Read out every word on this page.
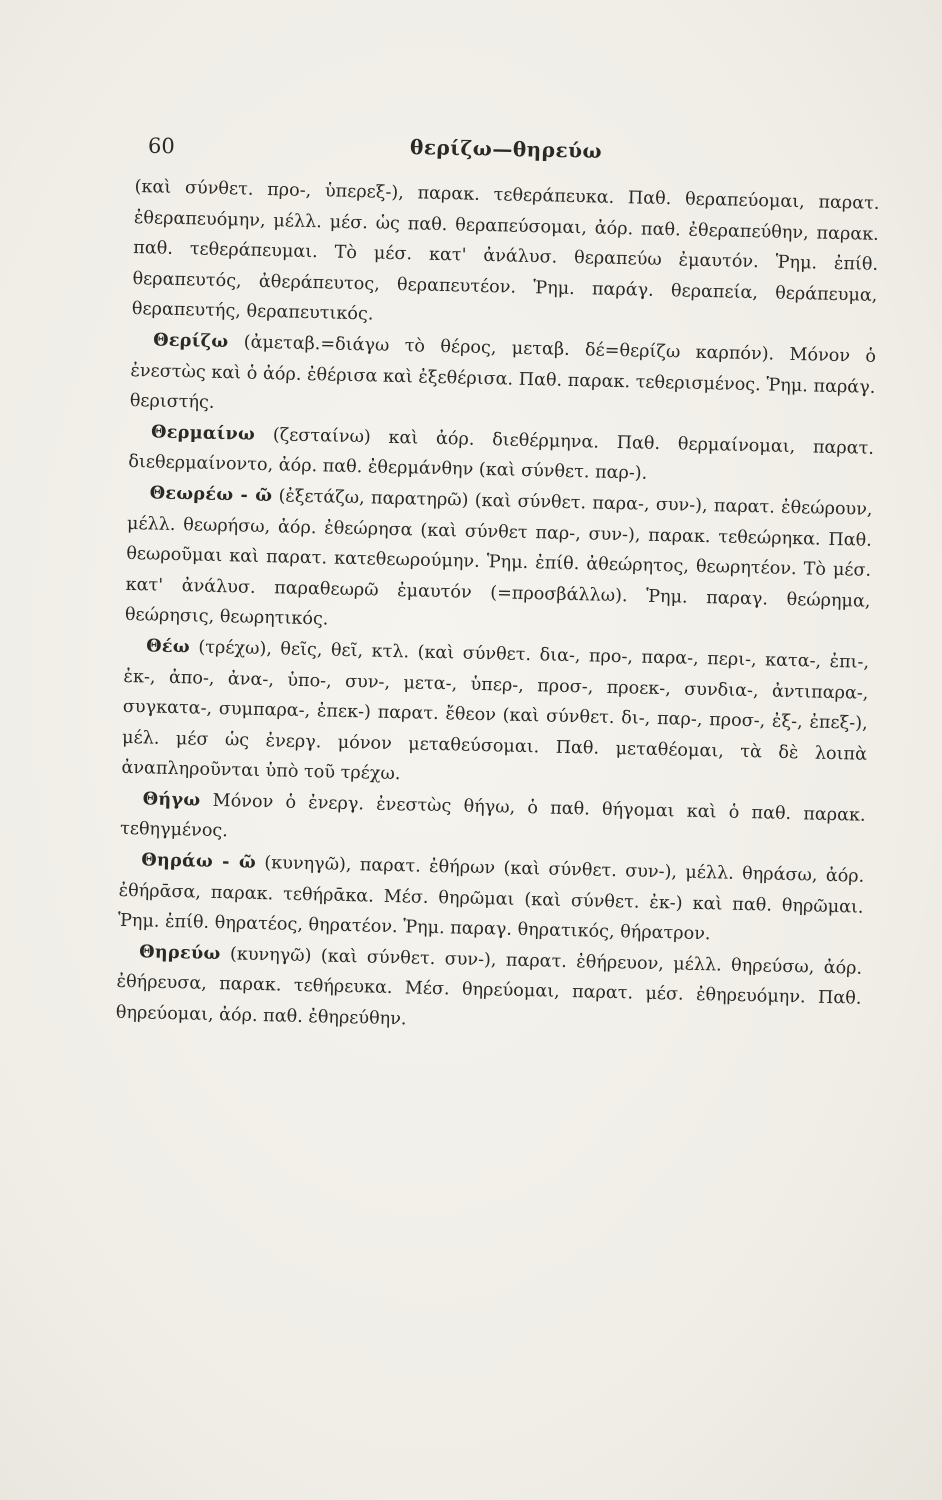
60	θερίζω—θηρεύω

(καὶ σύνθετ. προ-, ὑπερεξ-), παρακ. τεθεράπευκα. Παθ. θεραπεύομαι, παρατ. ἐθεραπευόμην, μέλλ. μέσ. ὡς παθ. θεραπεύσομαι, ἀόρ. παθ. ἐθεραπεύθην, παρακ. παθ. τεθεράπευμαι. Τὸ μέσ. κατ' ἀνάλυσ. θεραπεύω ἐμαυτόν. Ῥημ. ἐπίθ. θεραπευτός, ἀθεράπευτος, θεραπευτέον. Ῥημ. παράγ. θεραπεία, θεράπευμα, θεραπευτής, θεραπευτικός.

Θερίζω (ἀμεταβ.=διάγω τὸ θέρος, μεταβ. δέ=θερίζω καρπόν). Μόνον ὁ ἐνεστὼς καὶ ὁ ἀόρ. ἐθέρισα καὶ ἐξεθέρισα. Παθ. παρακ. τεθερισμένος. Ῥημ. παράγ. θεριστής.

Θερμαίνω (ζεσταίνω) καὶ ἀόρ. διεθέρμηνα. Παθ. θερμαίνομαι, παρατ. διεθερμαίνοντο, ἀόρ. παθ. ἐθερμάνθην (καὶ σύνθετ. παρ-).

Θεωρέω - ῶ (ἐξετάζω, παρατηρῶ) (καὶ σύνθετ. παρα-, συν-), παρατ. ἐθεώρουν, μέλλ. θεωρήσω, ἀόρ. ἐθεώρησα (καὶ σύνθετ παρ-, συν-), παρακ. τεθεώρηκα. Παθ. θεωροῦμαι καὶ παρατ. κατεθεωρούμην. Ῥημ. ἐπίθ. ἀθεώρητος, θεωρητέον. Τὸ μέσ. κατ' ἀνάλυσ. παραθεωρῶ ἐμαυτόν (=προσβάλλω). Ῥημ. παραγ. θεώρημα, θεώρησις, θεωρητικός.

Θέω (τρέχω), θεῖς, θεῖ, κτλ. (καὶ σύνθετ. δια-, προ-, παρα-, περι-, κατα-, ἐπι-, ἐκ-, ἀπο-, ἀνα-, ὑπο-, συν-, μετα-, ὑπερ-, προσ-, προεκ-, συνδια-, ἀντιπαρα-, συγκατα-, συμπαρα-, ἐπεκ-) παρατ. ἔθεον (καὶ σύνθετ. δι-, παρ-, προσ-, ἐξ-, ἐπεξ-), μέλ. μέσ ὡς ἐνεργ. μόνον μεταθεύσομαι. Παθ. μεταθέομαι, τὰ δὲ λοιπὰ ἀναπληροῦνται ὑπὸ τοῦ τρέχω.

Θήγω Μόνον ὁ ἐνεργ. ἐνεστὼς θήγω, ὁ παθ. θήγομαι καὶ ὁ παθ. παρακ. τεθηγμένος.

Θηράω - ῶ (κυνηγῶ), παρατ. ἐθήρων (καὶ σύνθετ. συν-), μέλλ. θηράσω, ἀόρ. ἐθήρᾱσα, παρακ. τεθήρᾱκα. Μέσ. θηρῶμαι (καὶ σύνθετ. ἐκ-) καὶ παθ. θηρῶμαι. Ῥημ. ἐπίθ. θηρατέος, θηρατέον. Ῥημ. παραγ. θηρατικός, θήρατρον.

Θηρεύω (κυνηγῶ) (καὶ σύνθετ. συν-), παρατ. ἐθήρευον, μέλλ. θηρεύσω, ἀόρ. ἐθήρευσα, παρακ. τεθήρευκα. Μέσ. θηρεύομαι, παρατ. μέσ. ἐθηρευόμην. Παθ. θηρεύομαι, ἀόρ. παθ. ἐθηρεύθην.
